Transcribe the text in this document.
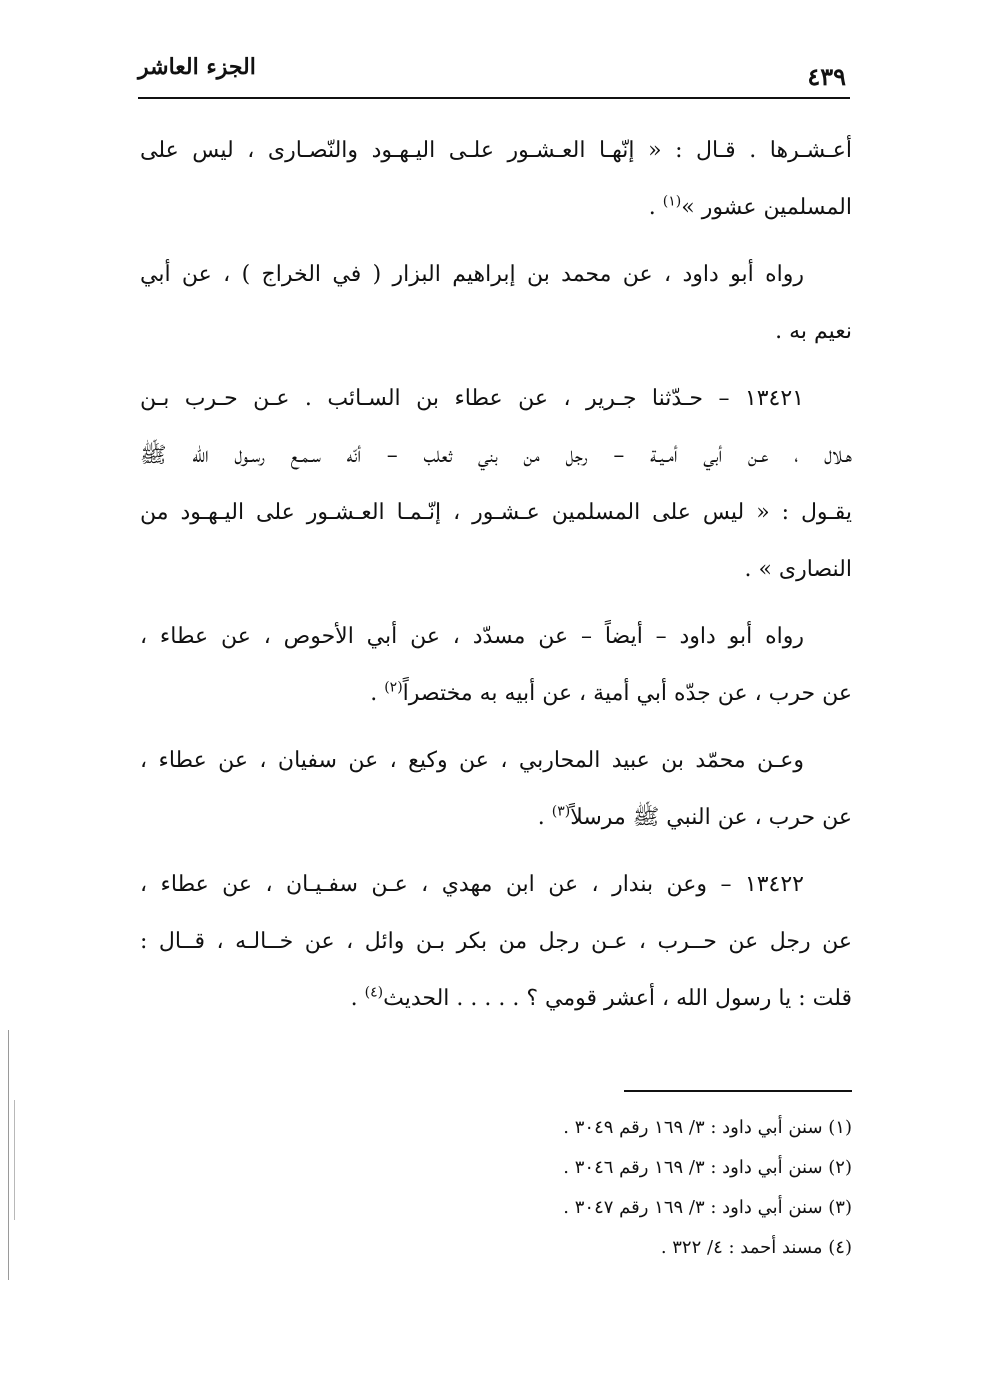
الجزء العاشر	٤٣٩
أعـشـرها . قـال : « إنّهـا العـشـور علـى اليـهـود والنّصـارى ، ليس على
المسلمين عشور »$^{(١)}$ .
رواه أبو داود ، عن محمد بن إبراهيم البزار ( في الخراج ) ، عن أبي
نعيم به .
١٣٤٢١ – حـدّثنا جـرير ، عن عطاء بن السـائب . عـن حـرب بـن
هـلال ، عـن أبي أمـيـة – رجل من بني ثعلب – أنّه سـمـع رسـول الله ﷺ
يقـول : « ليس على المسلمين عـشـور ، إنّـمـا العـشـور على اليـهـود من
النصارى » .
رواه أبو داود – أيضاً – عن مسدّد ، عن أبي الأحوص ، عن عطاء ،
عن حرب ، عن جدّه أبي أمية ، عن أبيه به مختصراً$^{(٢)}$ .
وعـن محمّد بن عبيد المحاربي ، عن وكيع ، عن سفيان ، عن عطاء ،
عن حرب ، عن النبي ﷺ مرسلاً$^{(٣)}$ .
١٣٤٢٢ – وعن بندار ، عن ابن مهدي ، عـن سفـيـان ، عن عطاء ،
عن رجل عن حــرب ، عـن رجل من بكر بـن وائل ، عن خــالـه ، قــال :
قلت : يا رسول الله ، أعشر قومي ؟ . . . . . الحديث$^{(٤)}$ .
(١) سنن أبي داود : ٣/ ١٦٩ رقم ٣٠٤٩ .
(٢) سنن أبي داود : ٣/ ١٦٩ رقم ٣٠٤٦ .
(٣) سنن أبي داود : ٣/ ١٦٩ رقم ٣٠٤٧ .
(٤) مسند أحمد : ٤/ ٣٢٢ .
